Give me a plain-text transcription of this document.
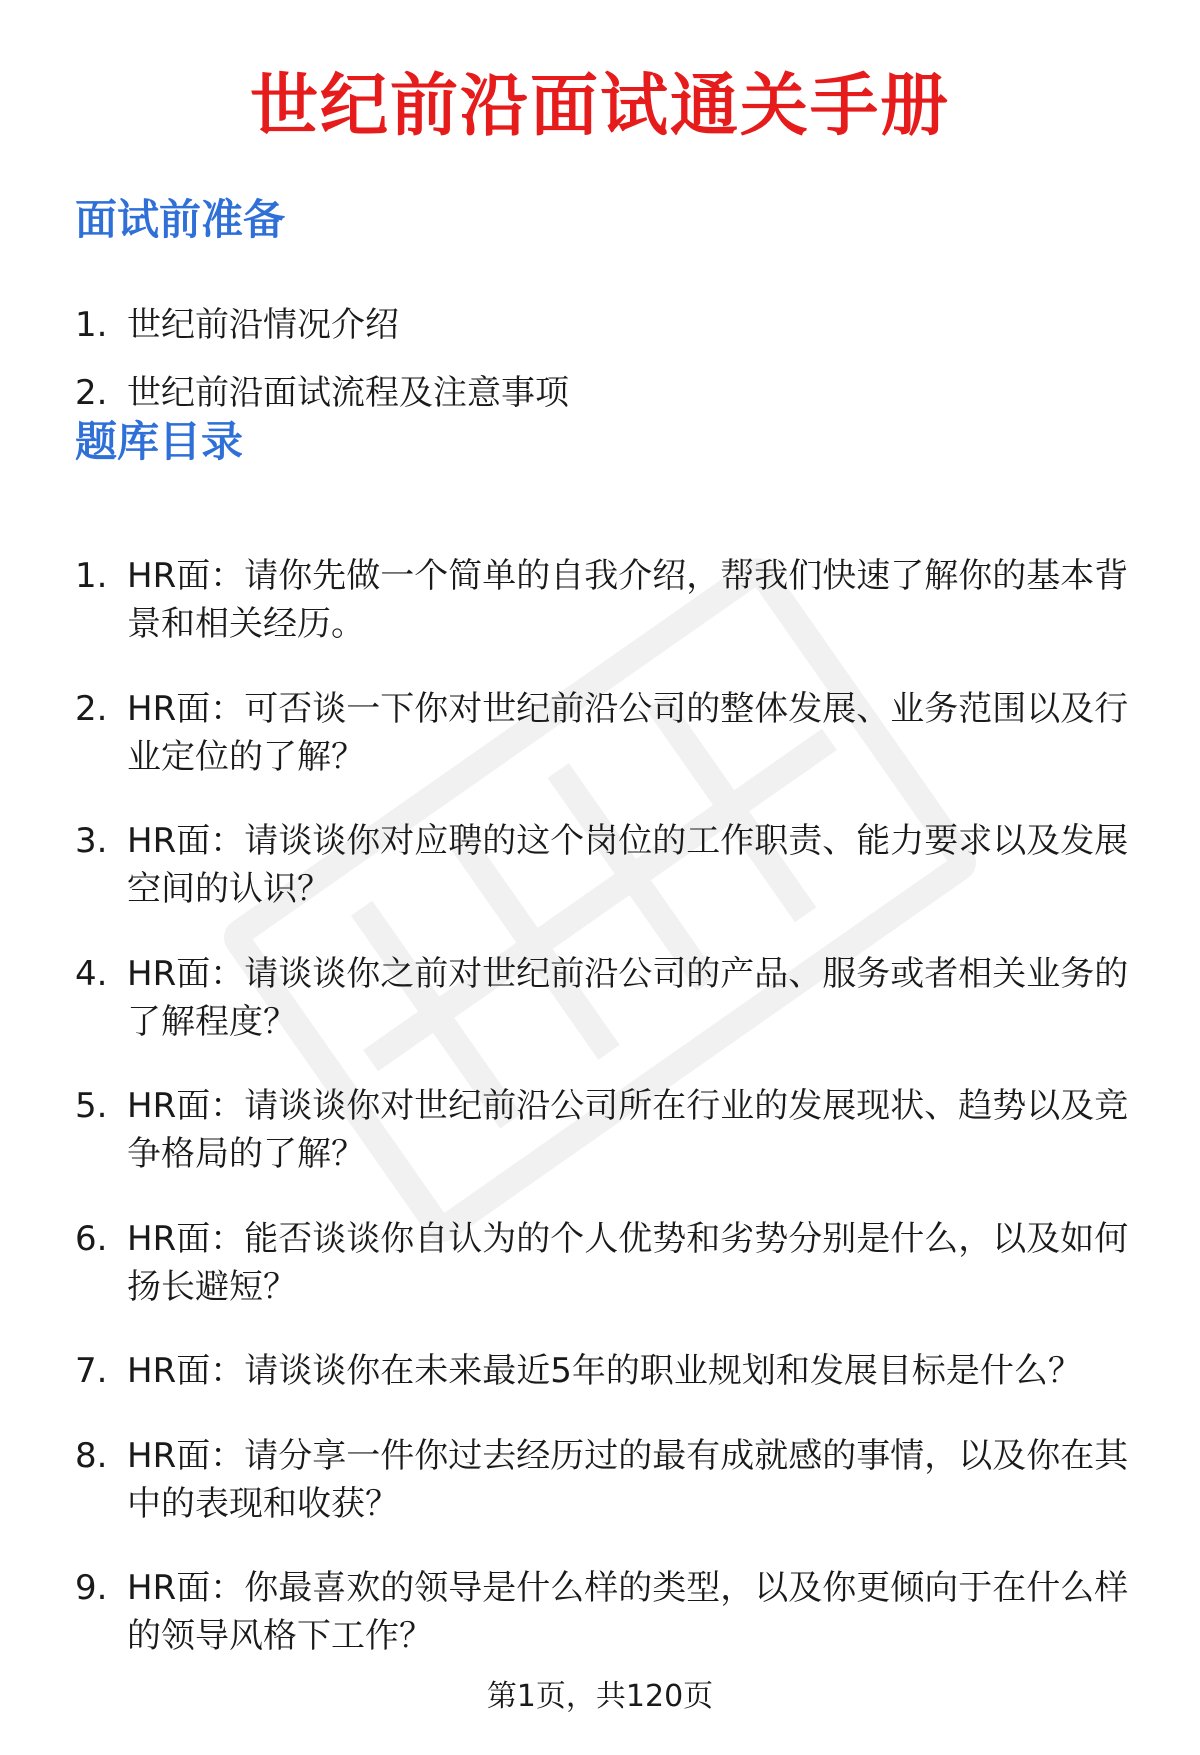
世纪前沿面试通关手册
面试前准备
1. 世纪前沿情况介绍
2. 世纪前沿面试流程及注意事项
题库目录
1. HR面：请你先做一个简单的自我介绍，帮我们快速了解你的基本背景和相关经历。
2. HR面：可否谈一下你对世纪前沿公司的整体发展、业务范围以及行业定位的了解？
3. HR面：请谈谈你对应聘的这个岗位的工作职责、能力要求以及发展空间的认识？
4. HR面：请谈谈你之前对世纪前沿公司的产品、服务或者相关业务的了解程度？
5. HR面：请谈谈你对世纪前沿公司所在行业的发展现状、趋势以及竞争格局的了解？
6. HR面：能否谈谈你自认为的个人优势和劣势分别是什么，以及如何扬长避短？
7. HR面：请谈谈你在未来最近5年的职业规划和发展目标是什么？
8. HR面：请分享一件你过去经历过的最有成就感的事情，以及你在其中的表现和收获？
9. HR面：你最喜欢的领导是什么样的类型，以及你更倾向于在什么样的领导风格下工作？
第1页，共120页
